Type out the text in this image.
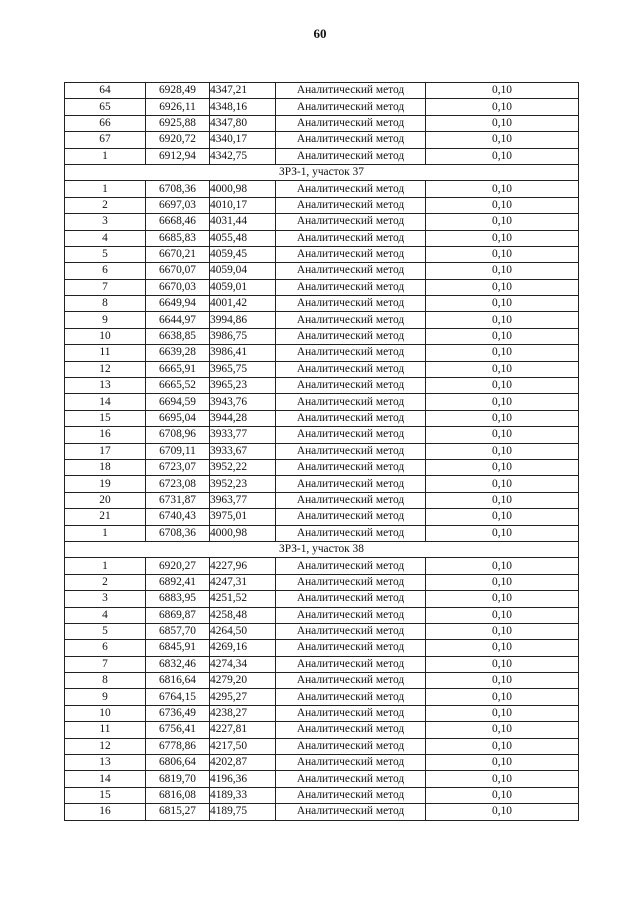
60
64	6928,49	4347,21	Аналитический метод	0,10
65	6926,11	4348,16	Аналитический метод	0,10
66	6925,88	4347,80	Аналитический метод	0,10
67	6920,72	4340,17	Аналитический метод	0,10
1	6912,94	4342,75	Аналитический метод	0,10
ЗРЗ-1, участок 37				
1	6708,36	4000,98	Аналитический метод	0,10
2	6697,03	4010,17	Аналитический метод	0,10
3	6668,46	4031,44	Аналитический метод	0,10
4	6685,83	4055,48	Аналитический метод	0,10
5	6670,21	4059,45	Аналитический метод	0,10
6	6670,07	4059,04	Аналитический метод	0,10
7	6670,03	4059,01	Аналитический метод	0,10
8	6649,94	4001,42	Аналитический метод	0,10
9	6644,97	3994,86	Аналитический метод	0,10
10	6638,85	3986,75	Аналитический метод	0,10
11	6639,28	3986,41	Аналитический метод	0,10
12	6665,91	3965,75	Аналитический метод	0,10
13	6665,52	3965,23	Аналитический метод	0,10
14	6694,59	3943,76	Аналитический метод	0,10
15	6695,04	3944,28	Аналитический метод	0,10
16	6708,96	3933,77	Аналитический метод	0,10
17	6709,11	3933,67	Аналитический метод	0,10
18	6723,07	3952,22	Аналитический метод	0,10
19	6723,08	3952,23	Аналитический метод	0,10
20	6731,87	3963,77	Аналитический метод	0,10
21	6740,43	3975,01	Аналитический метод	0,10
1	6708,36	4000,98	Аналитический метод	0,10
ЗРЗ-1, участок 38				
1	6920,27	4227,96	Аналитический метод	0,10
2	6892,41	4247,31	Аналитический метод	0,10
3	6883,95	4251,52	Аналитический метод	0,10
4	6869,87	4258,48	Аналитический метод	0,10
5	6857,70	4264,50	Аналитический метод	0,10
6	6845,91	4269,16	Аналитический метод	0,10
7	6832,46	4274,34	Аналитический метод	0,10
8	6816,64	4279,20	Аналитический метод	0,10
9	6764,15	4295,27	Аналитический метод	0,10
10	6736,49	4238,27	Аналитический метод	0,10
11	6756,41	4227,81	Аналитический метод	0,10
12	6778,86	4217,50	Аналитический метод	0,10
13	6806,64	4202,87	Аналитический метод	0,10
14	6819,70	4196,36	Аналитический метод	0,10
15	6816,08	4189,33	Аналитический метод	0,10
16	6815,27	4189,75	Аналитический метод	0,10
